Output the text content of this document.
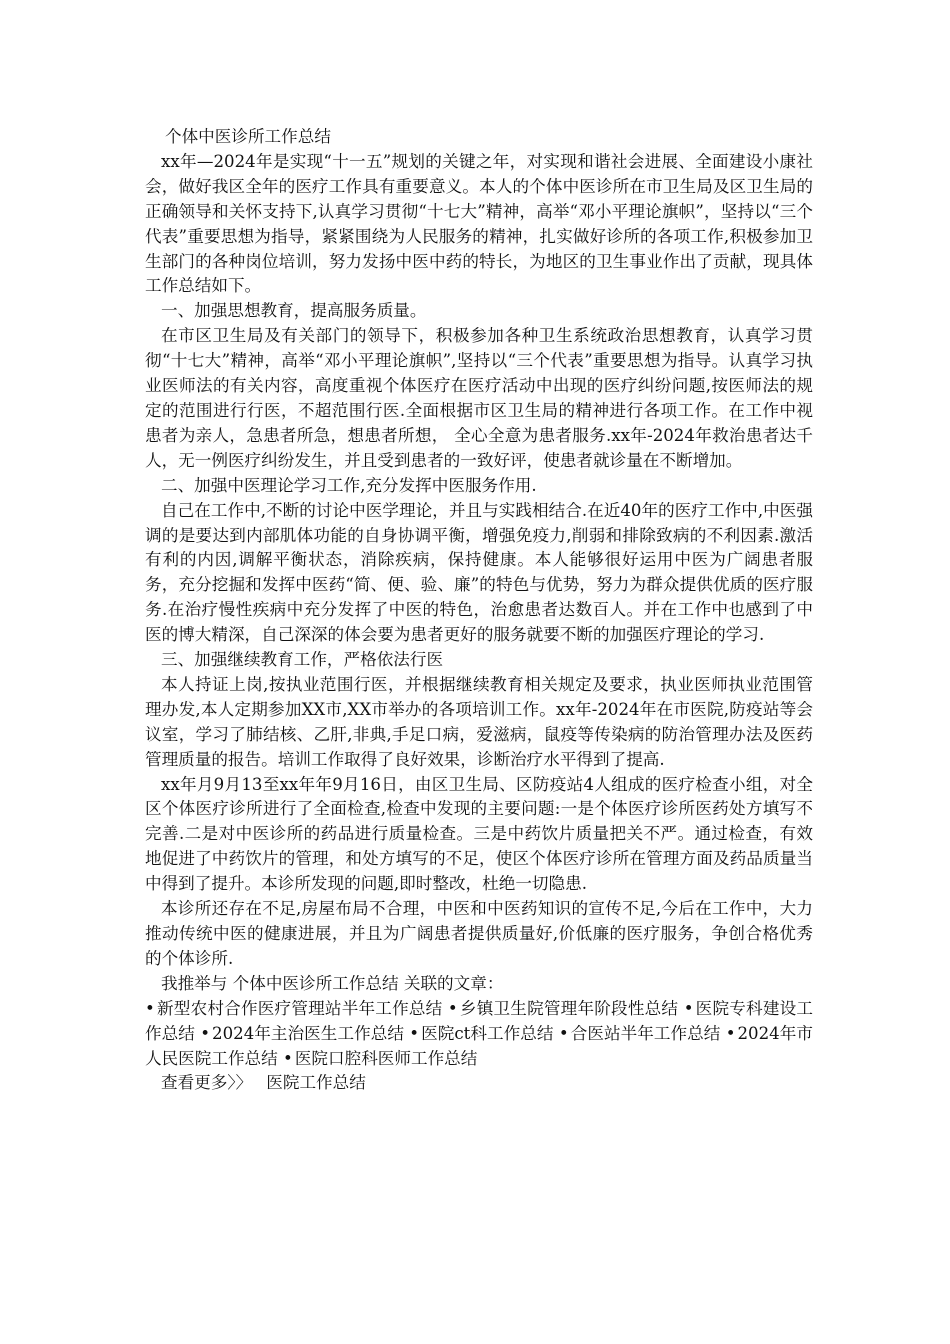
个体中医诊所工作总结

xx年—2024年是实现“十一五”规划的关键之年，对实现和谐社会进展、全面建设小康社会，做好我区全年的医疗工作具有重要意义。本人的个体中医诊所在市卫生局及区卫生局的正确领导和关怀支持下,认真学习贯彻“十七大”精神，高举“邓小平理论旗帜”，坚持以“三个代表”重要思想为指导，紧紧围绕为人民服务的精神，扎实做好诊所的各项工作,积极参加卫生部门的各种岗位培训，努力发扬中医中药的特长，为地区的卫生事业作出了贡献，现具体工作总结如下。

一、加强思想教育，提高服务质量。

在市区卫生局及有关部门的领导下，积极参加各种卫生系统政治思想教育，认真学习贯彻“十七大”精神，高举“邓小平理论旗帜”,坚持以“三个代表”重要思想为指导。认真学习执业医师法的有关内容，高度重视个体医疗在医疗活动中出现的医疗纠纷问题,按医师法的规定的范围进行行医，不超范围行医.全面根据市区卫生局的精神进行各项工作。在工作中视患者为亲人，急患者所急，想患者所想， 全心全意为患者服务.xx年-2024年救治患者达千人，无一例医疗纠纷发生，并且受到患者的一致好评，使患者就诊量在不断增加。

二、加强中医理论学习工作,充分发挥中医服务作用.

自己在工作中,不断的讨论中医学理论，并且与实践相结合.在近40年的医疗工作中,中医强调的是要达到内部肌体功能的自身协调平衡，增强免疫力,削弱和排除致病的不利因素.激活有利的内因,调解平衡状态，消除疾病，保持健康。本人能够很好运用中医为广阔患者服务，充分挖掘和发挥中医药“简、便、验、廉”的特色与优势，努力为群众提供优质的医疗服务.在治疗慢性疾病中充分发挥了中医的特色，治愈患者达数百人。并在工作中也感到了中医的博大精深，自己深深的体会要为患者更好的服务就要不断的加强医疗理论的学习.

三、加强继续教育工作，严格依法行医

本人持证上岗,按执业范围行医，并根据继续教育相关规定及要求，执业医师执业范围管理办发,本人定期参加XX市,XX市举办的各项培训工作。xx年-2024年在市医院,防疫站等会议室，学习了肺结核、乙肝,非典,手足口病，爱滋病，鼠疫等传染病的防治管理办法及医药管理质量的报告。培训工作取得了良好效果，诊断治疗水平得到了提高.

xx年月9月13至xx年年9月16日，由区卫生局、区防疫站4人组成的医疗检查小组，对全区个体医疗诊所进行了全面检查,检查中发现的主要问题:一是个体医疗诊所医药处方填写不完善.二是对中医诊所的药品进行质量检查。三是中药饮片质量把关不严。通过检查，有效地促进了中药饮片的管理，和处方填写的不足，使区个体医疗诊所在管理方面及药品质量当中得到了提升。本诊所发现的问题,即时整改，杜绝一切隐患.

本诊所还存在不足,房屋布局不合理，中医和中医药知识的宣传不足,今后在工作中，大力推动传统中医的健康进展，并且为广阔患者提供质量好,价低廉的医疗服务，争创合格优秀的个体诊所.

我推举与 个体中医诊所工作总结 关联的文章：

• 新型农村合作医疗管理站半年工作总结 • 乡镇卫生院管理年阶段性总结 • 医院专科建设工作总结 • 2024年主治医生工作总结 • 医院ct科工作总结 • 合医站半年工作总结 • 2024年市人民医院工作总结 • 医院口腔科医师工作总结

查看更多〉〉 医院工作总结
